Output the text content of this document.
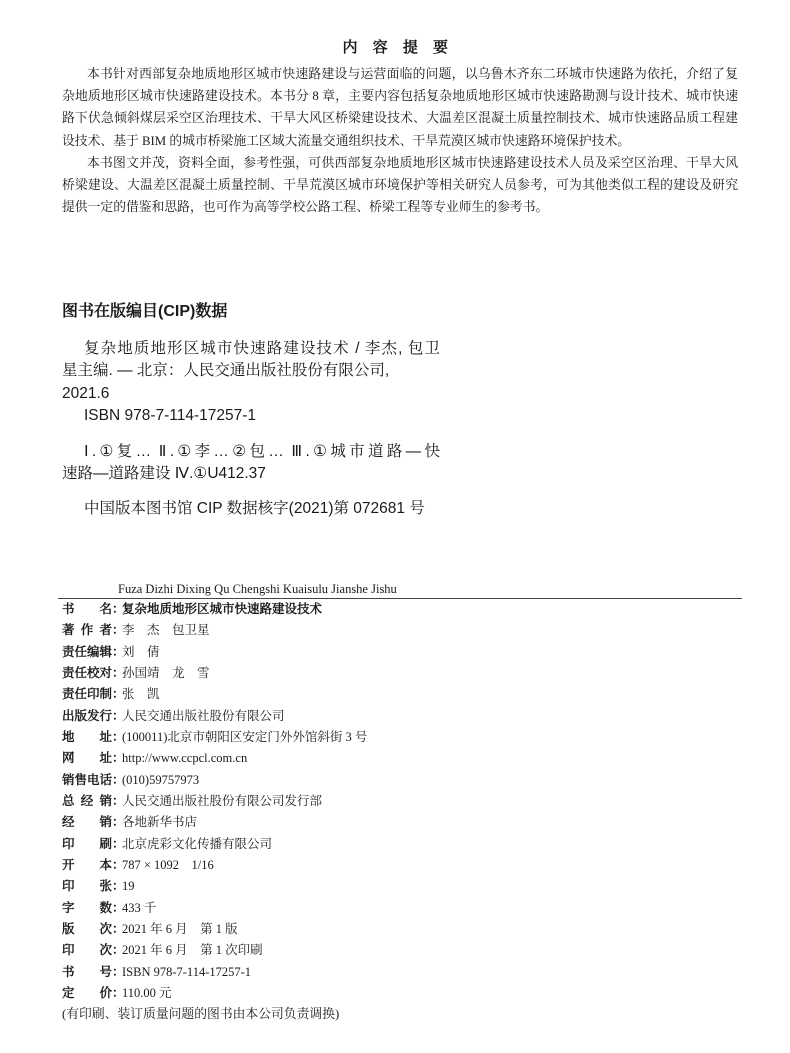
内 容 提 要
本书针对西部复杂地质地形区城市快速路建设与运营面临的问题，以乌鲁木齐东二环城市快速路为依托，介绍了复
杂地质地形区城市快速路建设技术。本书分 8 章，主要内容包括复杂地质地形区城市快速路勘测与设计技术、城市快速
路下伏急倾斜煤层采空区治理技术、干旱大风区桥梁建设技术、大温差区混凝土质量控制技术、城市快速路品质工程建
设技术、基于 BIM 的城市桥梁施工区域大流量交通组织技术、干旱荒漠区城市快速路环境保护技术。
本书图文并茂，资料全面，参考性强，可供西部复杂地质地形区城市快速路建设技术人员及采空区治理、干旱大风
桥梁建设、大温差区混凝土质量控制、干旱荒漠区城市环境保护等相关研究人员参考，可为其他类似工程的建设及研究
提供一定的借鉴和思路，也可作为高等学校公路工程、桥梁工程等专业师生的参考书。
图书在版编目(CIP)数据
复杂地质地形区城市快速路建设技术 / 李杰, 包卫
星主编. — 北京：人民交通出版社股份有限公司,
2021.6
ISBN 978-7-114-17257-1
Ⅰ.①复… Ⅱ.①李…②包… Ⅲ.①城市道路—快
速路—道路建设 Ⅳ.①U412.37
中国版本图书馆 CIP 数据核字(2021)第 072681 号
Fuza Dizhi Dixing Qu Chengshi Kuaisulu Jianshe Jishu
书　　名 ：
复杂地质地形区城市快速路建设技术
著 作 者 ：
李　杰　包卫星
责任编辑 ：
刘　倩
责任校对 ：
孙国靖　龙　雪
责任印制 ：
张　凯
出版发行 ：
人民交通出版社股份有限公司
地　　址 ：
(100011)北京市朝阳区安定门外外馆斜街 3 号
网　　址 ：
http://www.ccpcl.com.cn
销售电话 ：
(010)59757973
总 经 销 ：
人民交通出版社股份有限公司发行部
经　　销 ：
各地新华书店
印　　刷 ：
北京虎彩文化传播有限公司
开　　本 ：
787 × 1092　1/16
印　　张 ：
19
字　　数 ：
433 千
版　　次 ：
2021 年 6 月　第 1 版
印　　次 ：
2021 年 6 月　第 1 次印刷
书　　号 ：
ISBN 978-7-114-17257-1
定　　价 ：
110.00 元
(有印刷、装订质量问题的图书由本公司负责调换)
